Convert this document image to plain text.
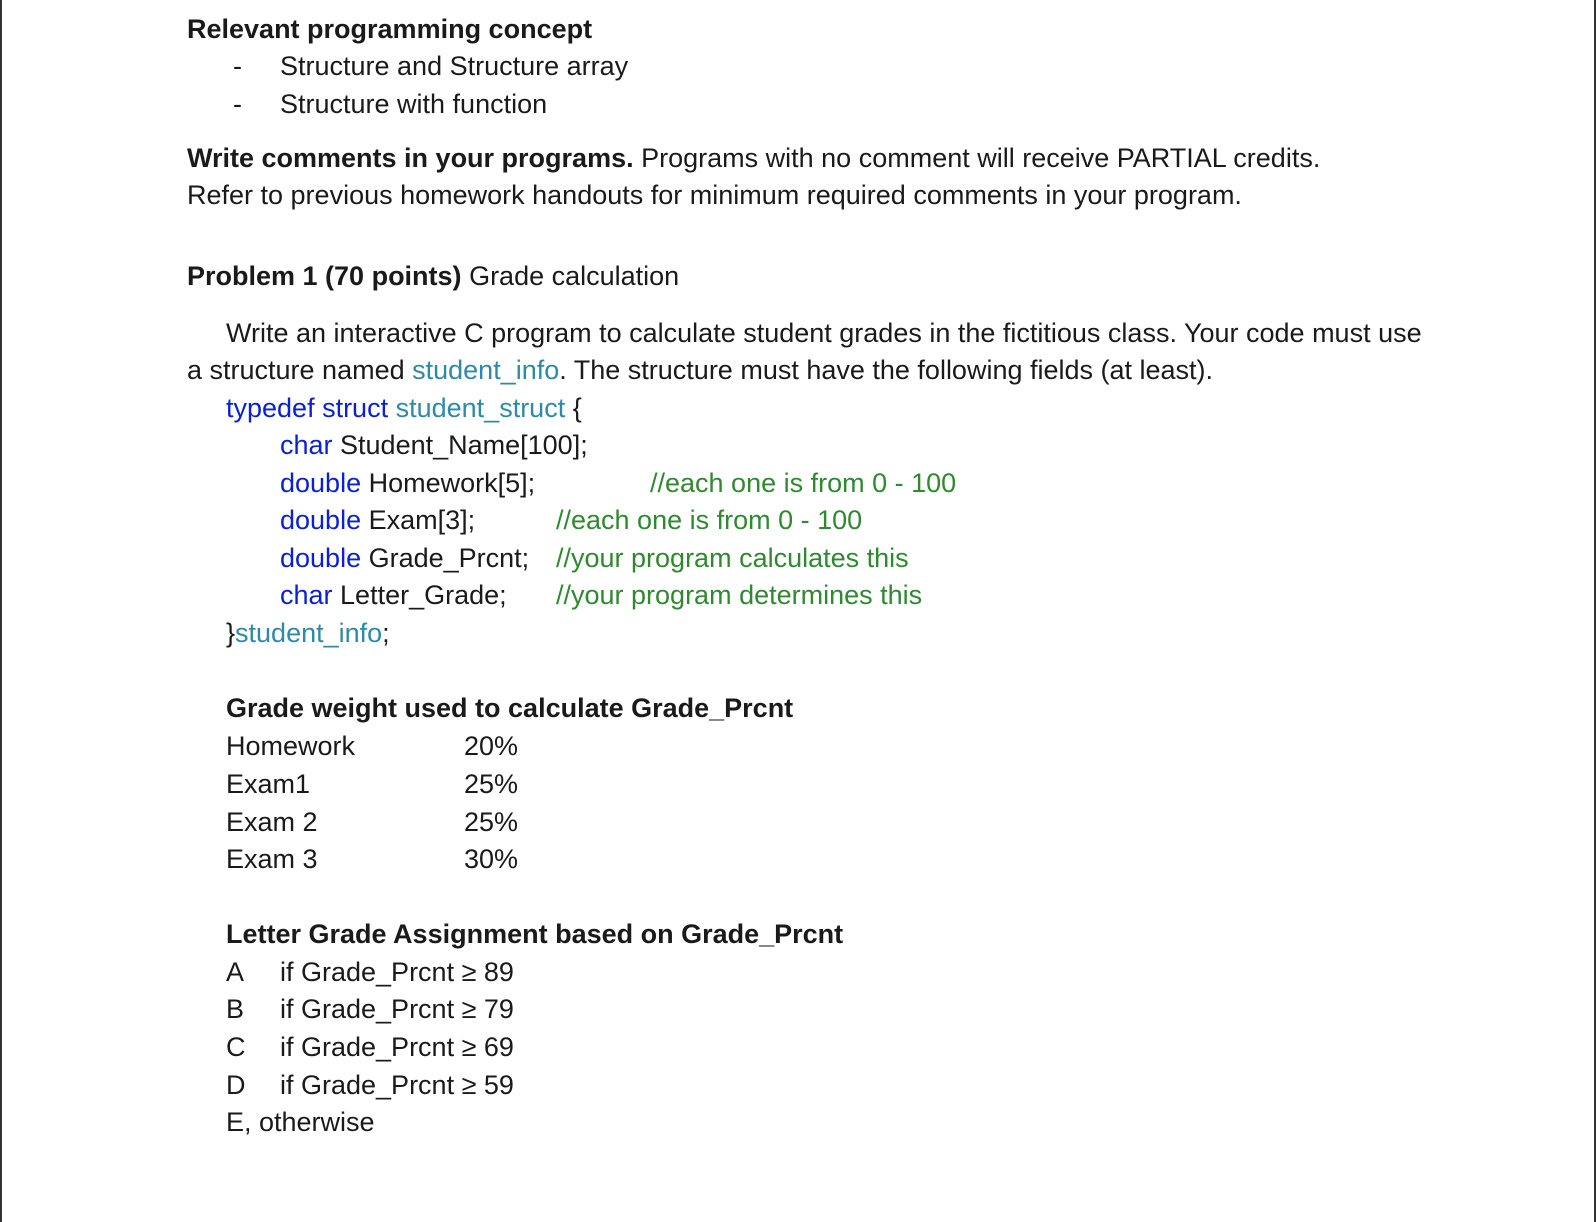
Relevant programming concept
- Structure and Structure array
- Structure with function
Write comments in your programs. Programs with no comment will receive PARTIAL credits.
Refer to previous homework handouts for minimum required comments in your program.
Problem 1 (70 points) Grade calculation
Write an interactive C program to calculate student grades in the fictitious class. Your code must use
a structure named student_info. The structure must have the following fields (at least).
typedef struct student_struct {
char Student_Name[100];
double Homework[5];	//each one is from 0 - 100
double Exam[3];	//each one is from 0 - 100
double Grade_Prcnt; //your program calculates this
char Letter_Grade; //your program determines this
}student_info;
Grade weight used to calculate Grade_Prcnt
Homework	20%
Exam1	25%
Exam 2	25%
Exam 3	30%
Letter Grade Assignment based on Grade_Prcnt
A if Grade_Prcnt ≥ 89
B if Grade_Prcnt ≥ 79
C if Grade_Prcnt ≥ 69
D if Grade_Prcnt ≥ 59
E, otherwise
